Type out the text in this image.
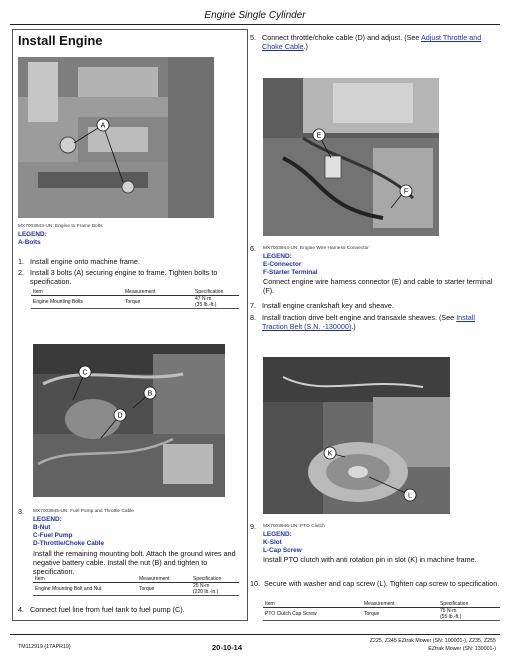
Engine Single Cylinder
Install Engine
A
MX7003943-UN: Engine to Frame Bolts
LEGEND:
A-Bolts
1. Install engine onto machine frame.
2. Install 3 bolts (A) securing engine to frame. Tighten bolts to specification.
Item	Measurement	Specification
Engine Mounting Bolts	Torque	47 N·m
(35 lb.-ft.)
C
B
D
3. MX7003945-UN: Fuel Pump and Throttle Cable
LEGEND:
B-Nut
C-Fuel Pump
D-Throttle/Choke Cable
Install the remaining mounting bolt. Attach the ground wires and negative battery cable. Install the nut (B) and tighten to specification.
Item	Measurement	Specification
Engine Mounting Bolt and Nut	Torque	25 N·m
(220 lb.-in.)
4. Connect fuel line from fuel tank to fuel pump (C).
5. Connect throttle/choke cable (D) and adjust. (See Adjust Throttle and Choke Cable.)
E
F
6. MX7003944-UN: Engine Wire Harness Connector
LEGEND:
E-Connector
F-Starter Terminal
Connect engine wire harness connector (E) and cable to starter terminal (F).
7. Install engine crankshaft key and sheave.
8. Install traction drive belt engine and transaxle sheaves. (See Install Traction Belt (S.N. -130000).)
K
L
9. MX7003946-UN: PTO Clutch
LEGEND:
K-Slot
L-Cap Screw
Install PTO clutch with anti rotation pin in slot (K) in machine frame.
10. Secure with washer and cap screw (L). Tighten cap screw to specification.
Item	Measurement	Specification
PTO Clutch Cap Screw	Torque	75 N·m
(55 lb.-ft.)
TM112919 (17APR19)	20-10-14
Z225, Z245 EZtrak Mower (SN: 100001-), Z235, Z255
EZtrak Mower (SN: 130001-)
